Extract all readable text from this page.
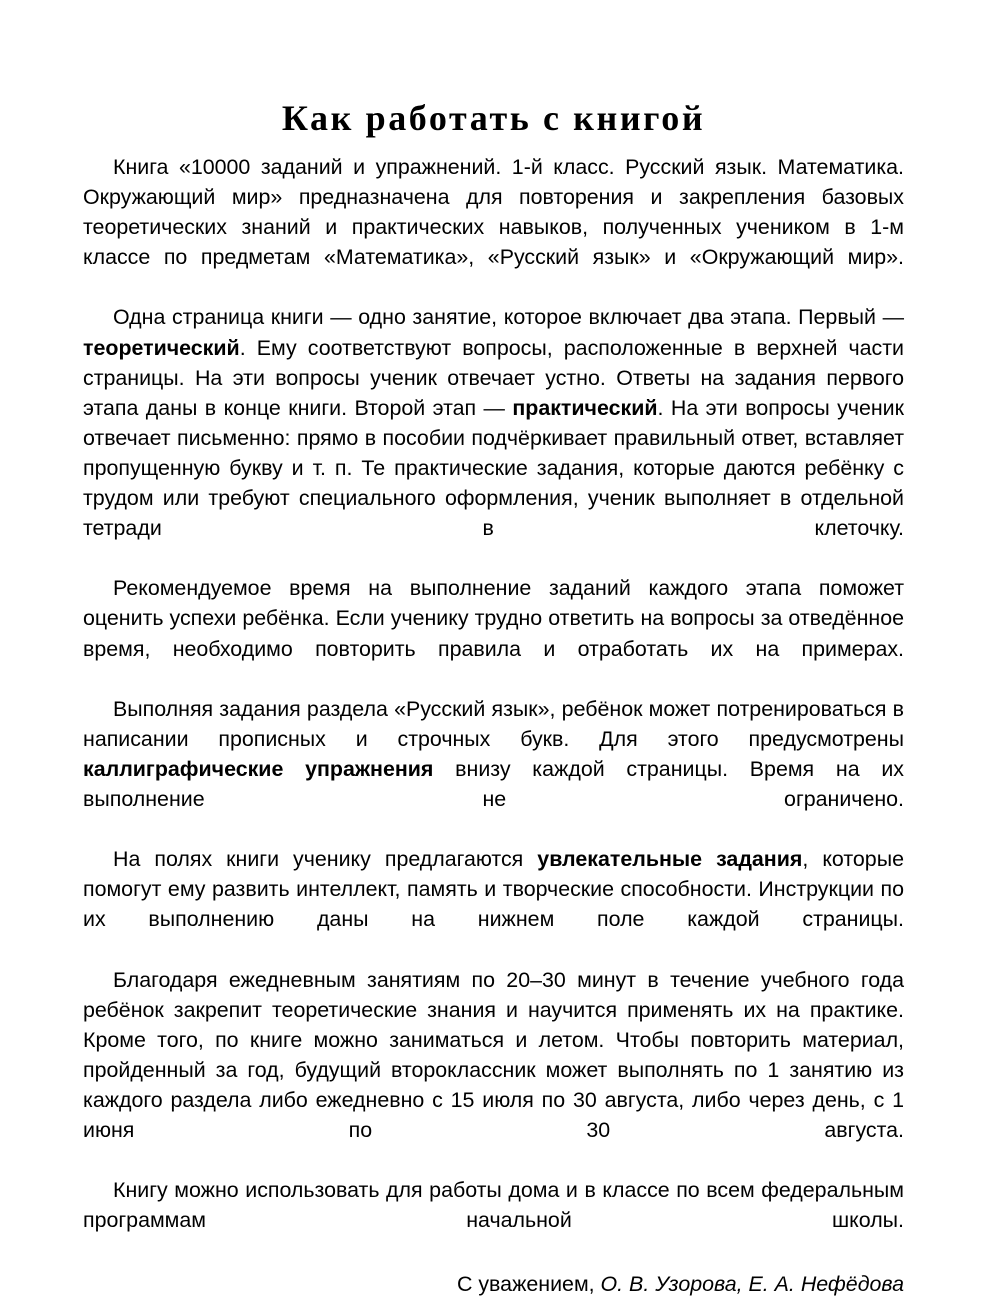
Как работать с книгой

Книга «10000 заданий и упражнений. 1-й класс. Русский язык. Математика. Окружающий мир» предназначена для повторения и закрепления базовых теоретических знаний и практических навыков, полученных учеником в 1-м классе по предметам «Математика», «Русский язык» и «Окружающий мир».

Одна страница книги — одно занятие, которое включает два этапа. Первый — теоретический. Ему соответствуют вопросы, расположенные в верхней части страницы. На эти вопросы ученик отвечает устно. Ответы на задания первого этапа даны в конце книги. Второй этап — практический. На эти вопросы ученик отвечает письменно: прямо в пособии подчёркивает правильный ответ, вставляет пропущенную букву и т. п. Те практические задания, которые даются ребёнку с трудом или требуют специального оформления, ученик выполняет в отдельной тетради в клеточку.

Рекомендуемое время на выполнение заданий каждого этапа поможет оценить успехи ребёнка. Если ученику трудно ответить на вопросы за отведённое время, необходимо повторить правила и отработать их на примерах.

Выполняя задания раздела «Русский язык», ребёнок может потренироваться в написании прописных и строчных букв. Для этого предусмотрены каллиграфические упражнения внизу каждой страницы. Время на их выполнение не ограничено.

На полях книги ученику предлагаются увлекательные задания, которые помогут ему развить интеллект, память и творческие способности. Инструкции по их выполнению даны на нижнем поле каждой страницы.

Благодаря ежедневным занятиям по 20–30 минут в течение учебного года ребёнок закрепит теоретические знания и научится применять их на практике. Кроме того, по книге можно заниматься и летом. Чтобы повторить материал, пройденный за год, будущий второклассник может выполнять по 1 занятию из каждого раздела либо ежедневно с 15 июля по 30 августа, либо через день, с 1 июня по 30 августа.

Книгу можно использовать для работы дома и в классе по всем федеральным программам начальной школы.

С уважением, О. В. Узорова, Е. А. Нефёдова
